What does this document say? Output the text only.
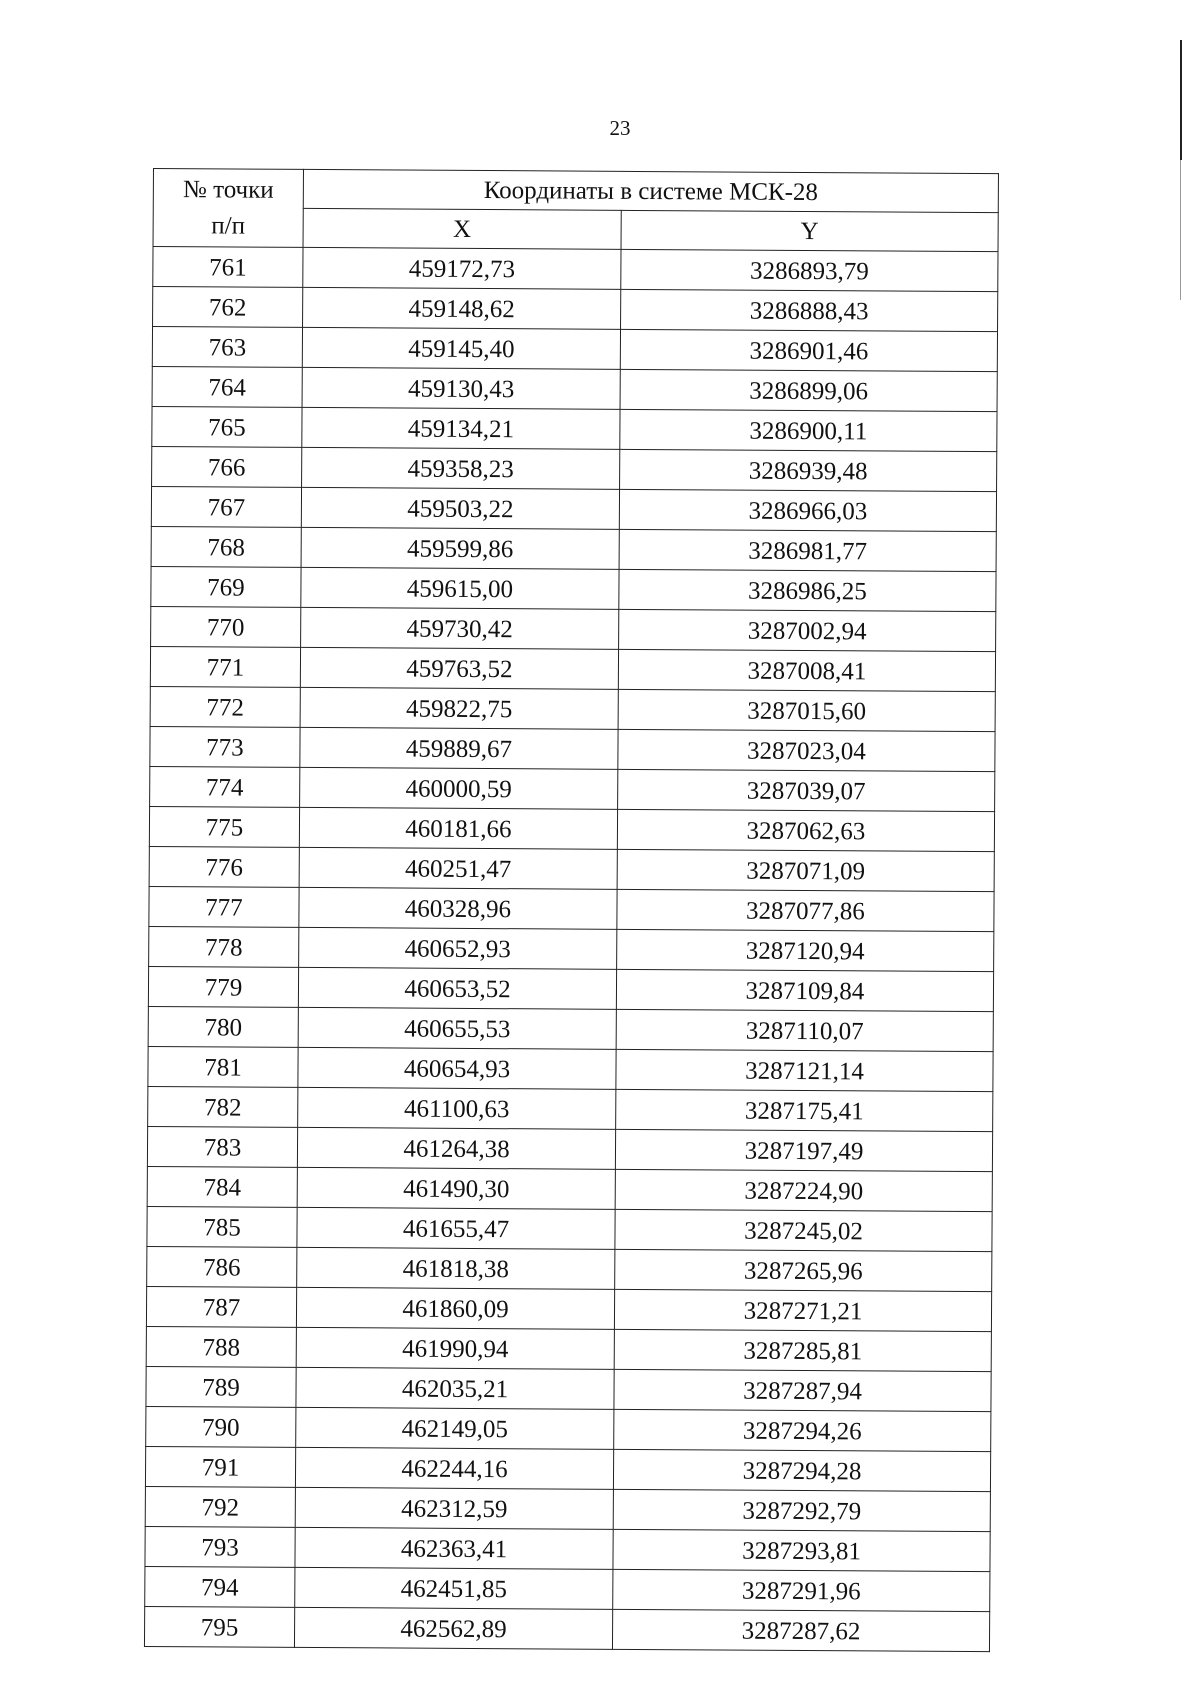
23
№ точки
п/п	Координаты в системе МСК-28	
	X	Y
761	459172,73	3286893,79
762	459148,62	3286888,43
763	459145,40	3286901,46
764	459130,43	3286899,06
765	459134,21	3286900,11
766	459358,23	3286939,48
767	459503,22	3286966,03
768	459599,86	3286981,77
769	459615,00	3286986,25
770	459730,42	3287002,94
771	459763,52	3287008,41
772	459822,75	3287015,60
773	459889,67	3287023,04
774	460000,59	3287039,07
775	460181,66	3287062,63
776	460251,47	3287071,09
777	460328,96	3287077,86
778	460652,93	3287120,94
779	460653,52	3287109,84
780	460655,53	3287110,07
781	460654,93	3287121,14
782	461100,63	3287175,41
783	461264,38	3287197,49
784	461490,30	3287224,90
785	461655,47	3287245,02
786	461818,38	3287265,96
787	461860,09	3287271,21
788	461990,94	3287285,81
789	462035,21	3287287,94
790	462149,05	3287294,26
791	462244,16	3287294,28
792	462312,59	3287292,79
793	462363,41	3287293,81
794	462451,85	3287291,96
795	462562,89	3287287,62
